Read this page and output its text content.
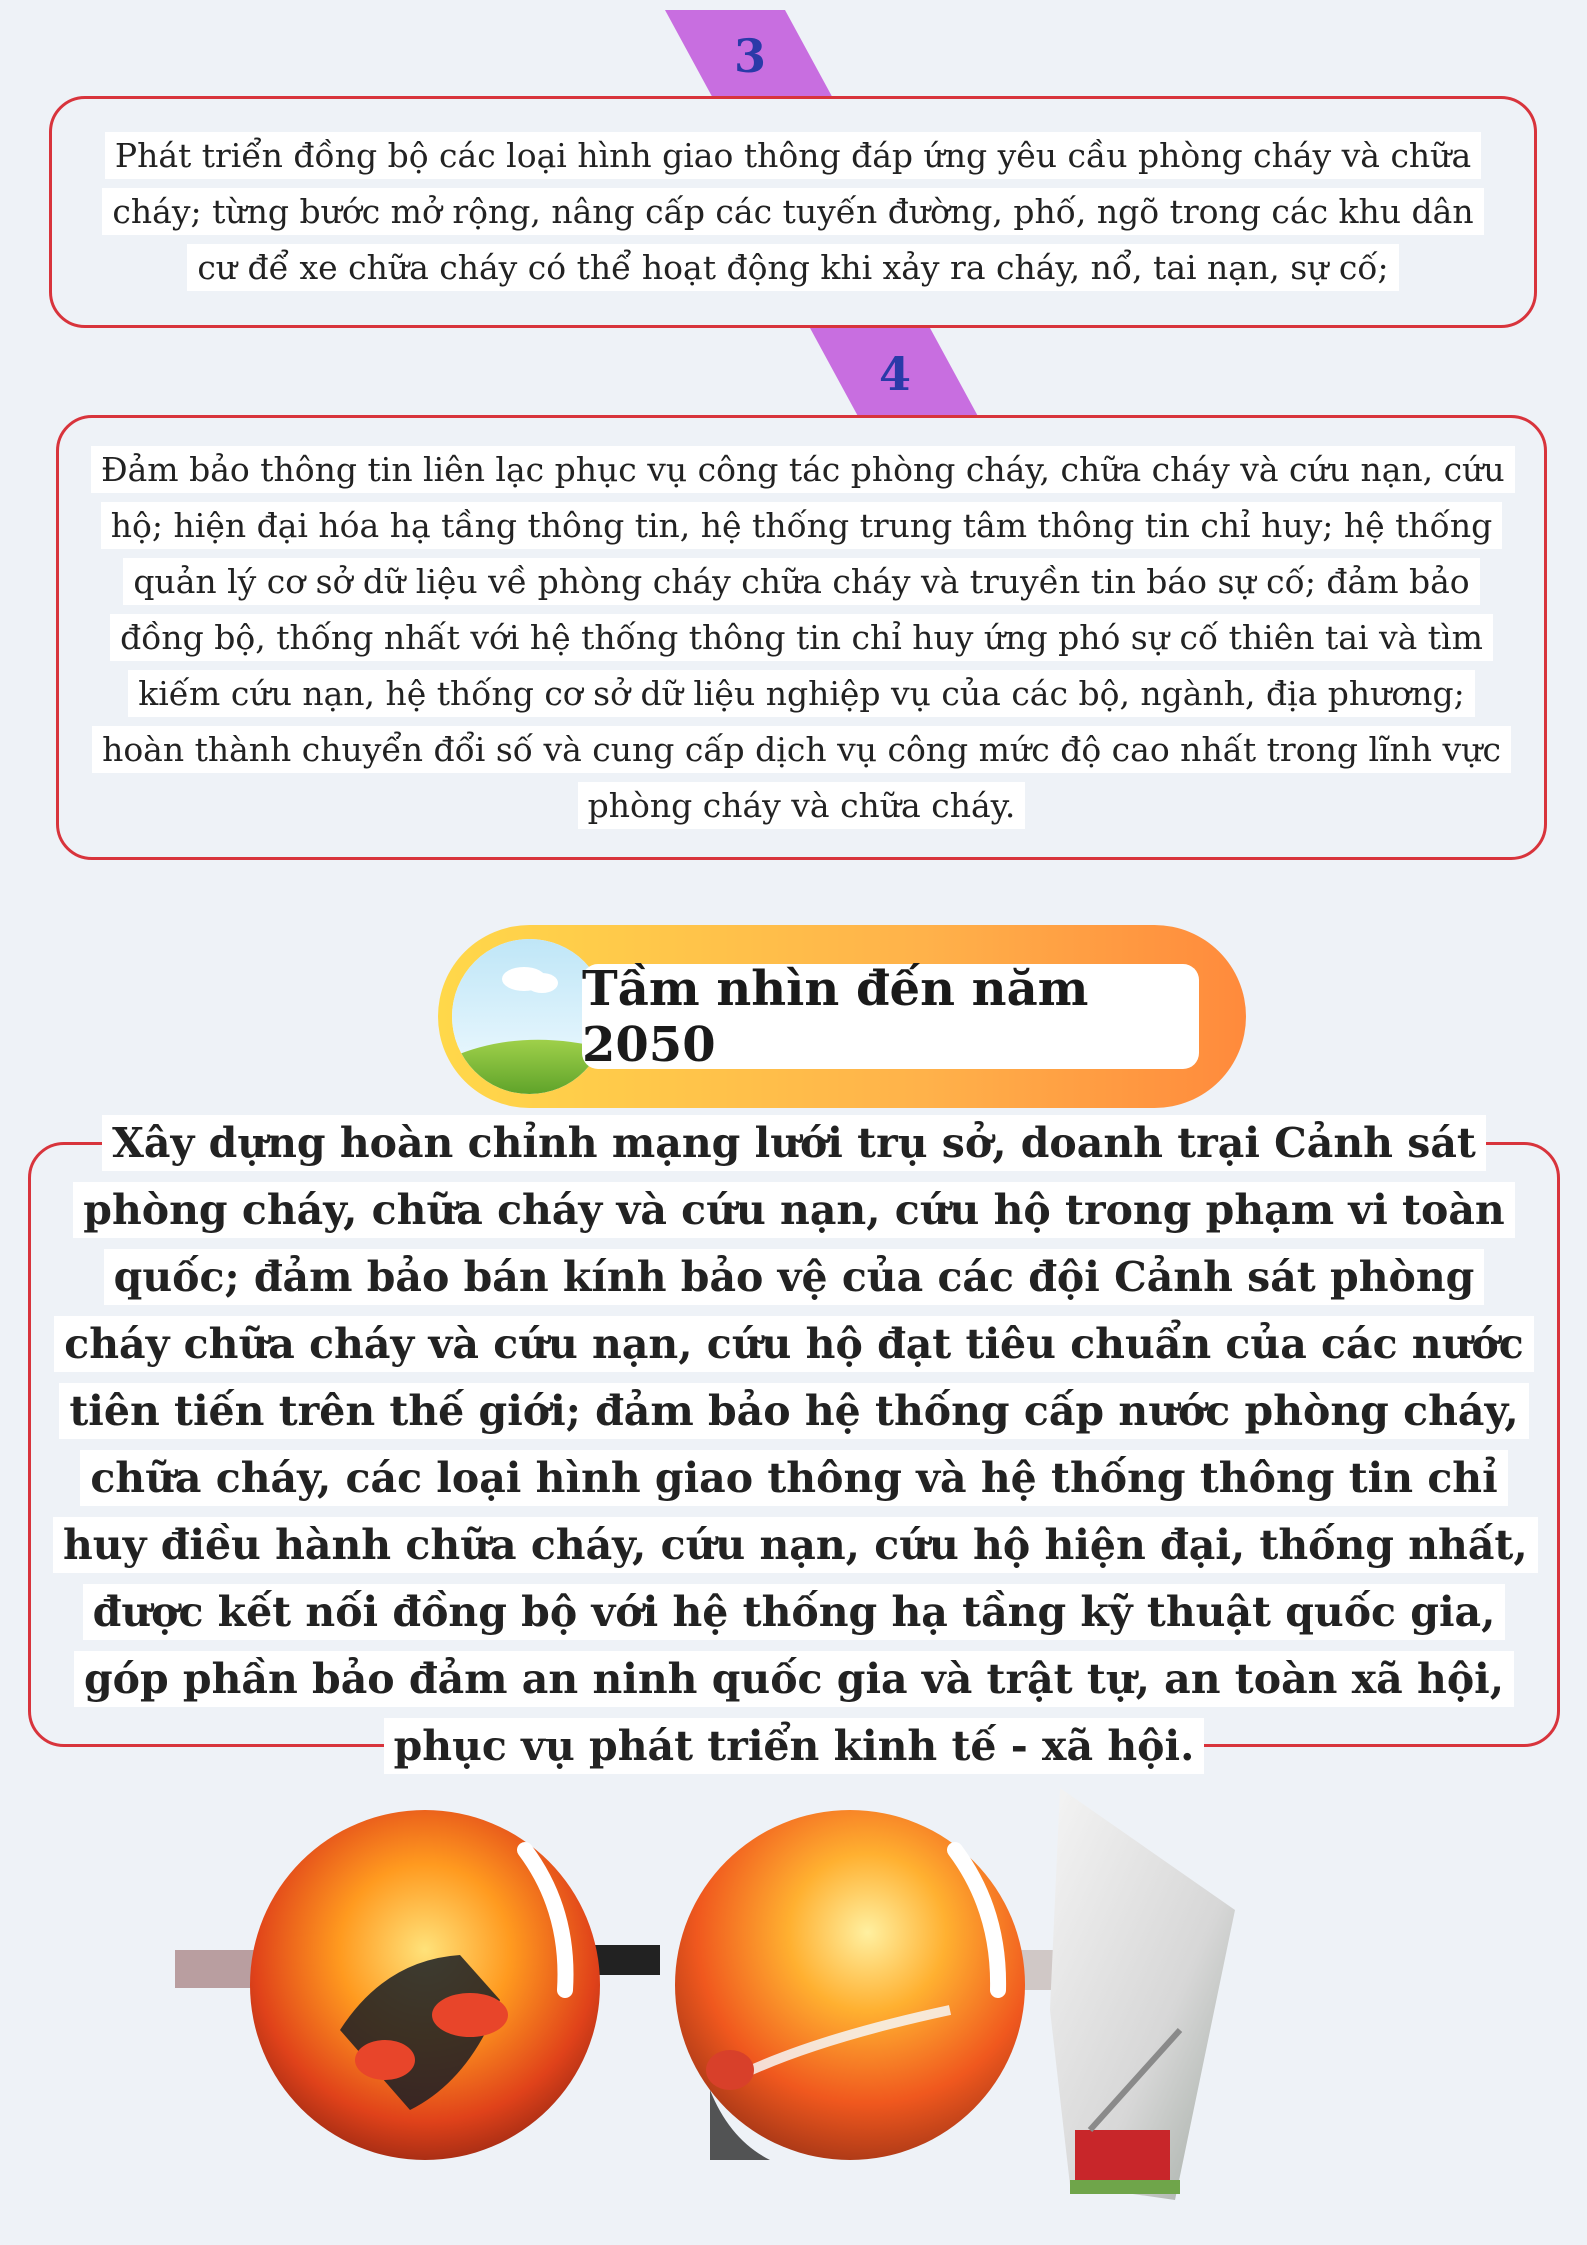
3

Phát triển đồng bộ các loại hình giao thông đáp ứng yêu cầu phòng cháy và chữa cháy; từng bước mở rộng, nâng cấp các tuyến đường, phố, ngõ trong các khu dân cư để xe chữa cháy có thể hoạt động khi xảy ra cháy, nổ, tai nạn, sự cố;

4

Đảm bảo thông tin liên lạc phục vụ công tác phòng cháy, chữa cháy và cứu nạn, cứu hộ; hiện đại hóa hạ tầng thông tin, hệ thống trung tâm thông tin chỉ huy; hệ thống quản lý cơ sở dữ liệu về phòng cháy chữa cháy và truyền tin báo sự cố; đảm bảo đồng bộ, thống nhất với hệ thống thông tin chỉ huy ứng phó sự cố thiên tai và tìm kiếm cứu nạn, hệ thống cơ sở dữ liệu nghiệp vụ của các bộ, ngành, địa phương; hoàn thành chuyển đổi số và cung cấp dịch vụ công mức độ cao nhất trong lĩnh vực phòng cháy và chữa cháy.

Tầm nhìn đến năm 2050

Xây dựng hoàn chỉnh mạng lưới trụ sở, doanh trại Cảnh sát phòng cháy, chữa cháy và cứu nạn, cứu hộ trong phạm vi toàn quốc; đảm bảo bán kính bảo vệ của các đội Cảnh sát phòng cháy chữa cháy và cứu nạn, cứu hộ đạt tiêu chuẩn của các nước tiên tiến trên thế giới; đảm bảo hệ thống cấp nước phòng cháy, chữa cháy, các loại hình giao thông và hệ thống thông tin chỉ huy điều hành chữa cháy, cứu nạn, cứu hộ hiện đại, thống nhất, được kết nối đồng bộ với hệ thống hạ tầng kỹ thuật quốc gia, góp phần bảo đảm an ninh quốc gia và trật tự, an toàn xã hội, phục vụ phát triển kinh tế - xã hội.
